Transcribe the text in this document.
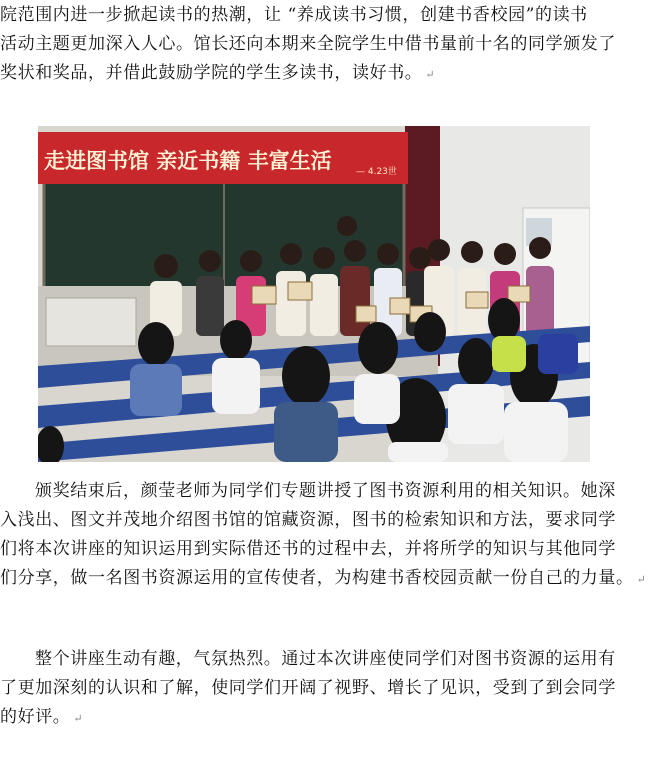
院范围内进一步掀起读书的热潮，让 “养成读书习惯，创建书香校园”的读书
活动主题更加深入人心。馆长还向本期来全院学生中借书量前十名的同学颁发了
奖状和奖品，并借此鼓励学院的学生多读书，读好书。 ↵
走进图书馆 亲近书籍 丰富生活	— 4.23世
颁奖结束后，颜莹老师为同学们专题讲授了图书资源利用的相关知识。她深
入浅出、图文并茂地介绍图书馆的馆藏资源，图书的检索知识和方法，要求同学
们将本次讲座的知识运用到实际借还书的过程中去，并将所学的知识与其他同学
们分享，做一名图书资源运用的宣传使者，为构建书香校园贡献一份自己的力量。 ↵
整个讲座生动有趣，气氛热烈。通过本次讲座使同学们对图书资源的运用有
了更加深刻的认识和了解，使同学们开阔了视野、增长了见识，受到了到会同学
的好评。 ↵
